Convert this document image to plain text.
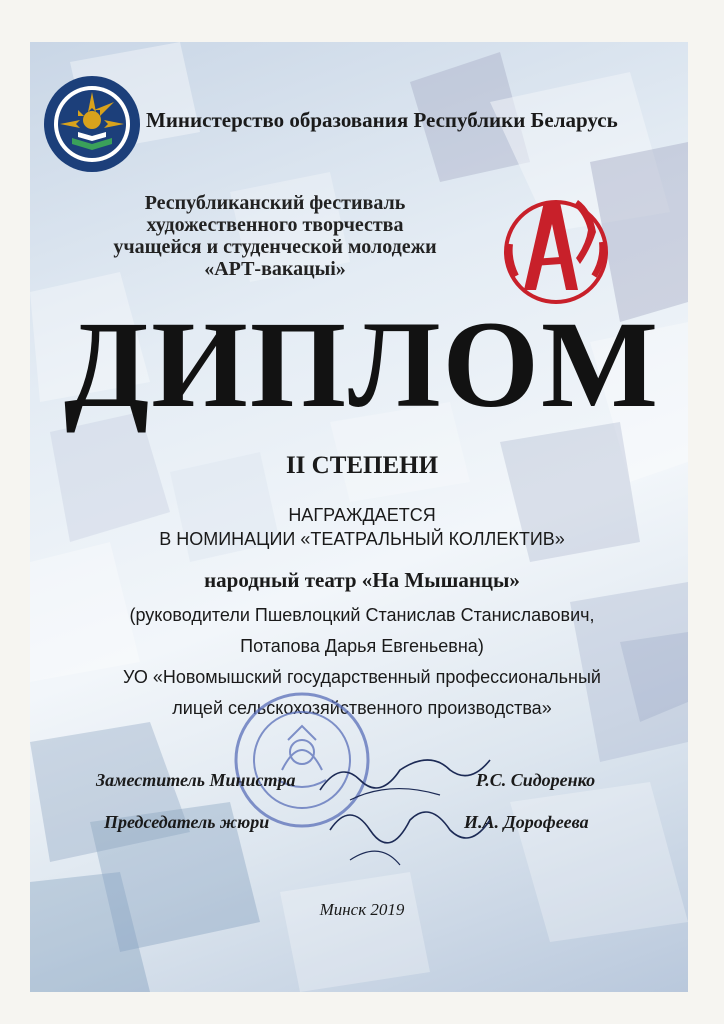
Министерство образования Республики Беларусь
Республиканский фестиваль
художественного творчества
учащейся и студенческой молодежи
«АРТ-вакацыі»
ДИПЛОМ
II СТЕПЕНИ
НАГРАЖДАЕТСЯ
В НОМИНАЦИИ «ТЕАТРАЛЬНЫЙ КОЛЛЕКТИВ»
народный театр «На Мышанцы»
(руководители Пшевлоцкий Станислав Станиславович,
Потапова Дарья Евгеньевна)
УО «Новомышский государственный профессиональный
лицей сельскохозяйственного производства»
Заместитель Министра	Р.С. Сидоренко
Председатель жюри	И.А. Дорофеева
Минск 2019
